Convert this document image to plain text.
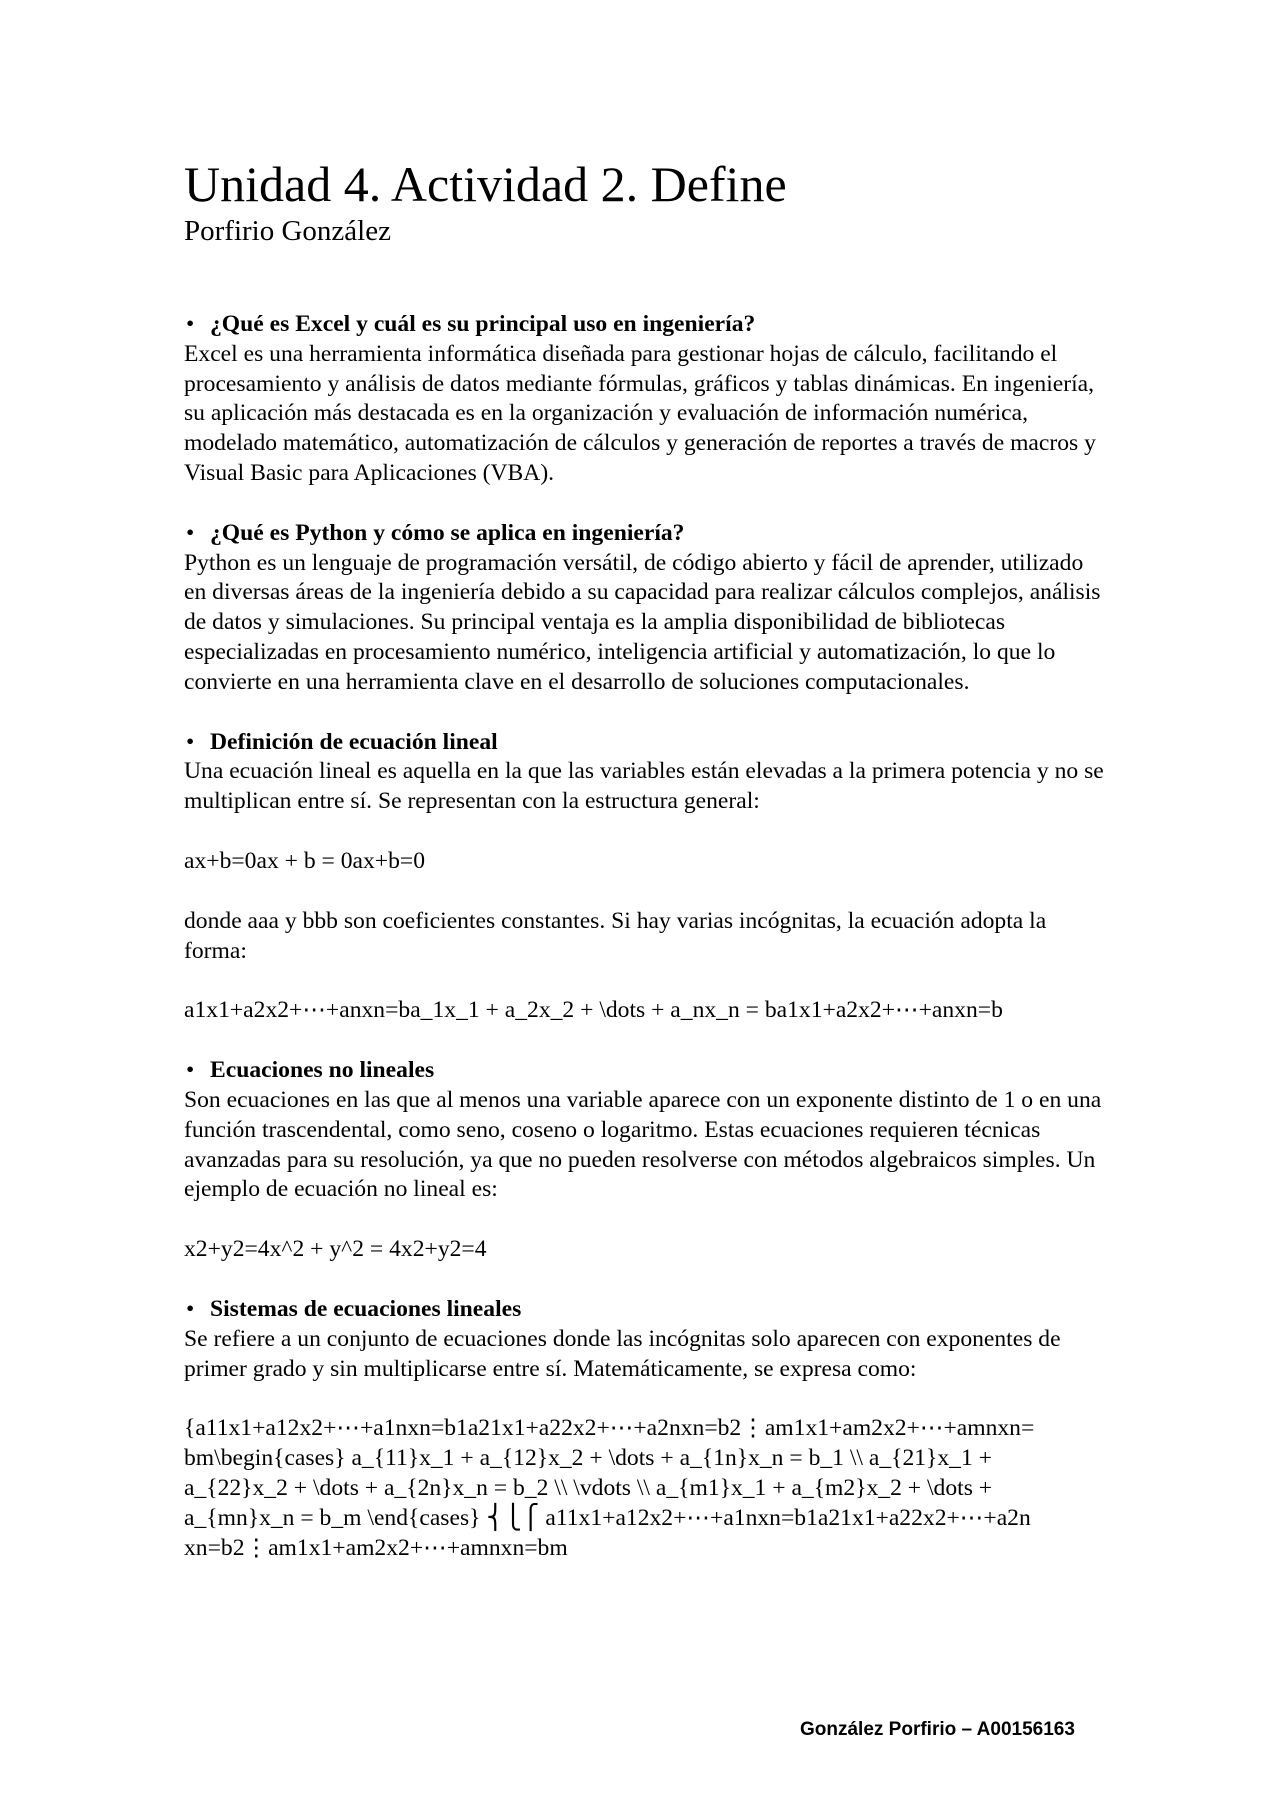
Unidad 4. Actividad 2. Define
Porfirio González

• ¿Qué es Excel y cuál es su principal uso en ingeniería?

Excel es una herramienta informática diseñada para gestionar hojas de cálculo, facilitando el procesamiento y análisis de datos mediante fórmulas, gráficos y tablas dinámicas. En ingeniería, su aplicación más destacada es en la organización y evaluación de información numérica, modelado matemático, automatización de cálculos y generación de reportes a través de macros y Visual Basic para Aplicaciones (VBA).

• ¿Qué es Python y cómo se aplica en ingeniería?

Python es un lenguaje de programación versátil, de código abierto y fácil de aprender, utilizado en diversas áreas de la ingeniería debido a su capacidad para realizar cálculos complejos, análisis de datos y simulaciones. Su principal ventaja es la amplia disponibilidad de bibliotecas especializadas en procesamiento numérico, inteligencia artificial y automatización, lo que lo convierte en una herramienta clave en el desarrollo de soluciones computacionales.

• Definición de ecuación lineal

Una ecuación lineal es aquella en la que las variables están elevadas a la primera potencia y no se multiplican entre sí. Se representan con la estructura general:

ax+b=0ax + b = 0ax+b=0

donde aaa y bbb son coeficientes constantes. Si hay varias incógnitas, la ecuación adopta la forma:

a1x1+a2x2+⋯+anxn=ba_1x_1 + a_2x_2 + \dots + a_nx_n = ba1x1+a2x2+⋯+anxn=b

• Ecuaciones no lineales

Son ecuaciones en las que al menos una variable aparece con un exponente distinto de 1 o en una función trascendental, como seno, coseno o logaritmo. Estas ecuaciones requieren técnicas avanzadas para su resolución, ya que no pueden resolverse con métodos algebraicos simples. Un ejemplo de ecuación no lineal es:

x2+y2=4x^2 + y^2 = 4x2+y2=4

• Sistemas de ecuaciones lineales

Se refiere a un conjunto de ecuaciones donde las incógnitas solo aparecen con exponentes de primer grado y sin multiplicarse entre sí. Matemáticamente, se expresa como:

{a11x1+a12x2+⋯+a1nxn=b1a21x1+a22x2+⋯+a2nxn=b2⋮am1x1+am2x2+⋯+amnxn=

bm\begin{cases} a_{11}x_1 + a_{12}x_2 + \dots + a_{1n}x_n = b_1 \\ a_{21}x_1 +

a_{22}x_2 + \dots + a_{2n}x_n = b_2 \\ \vdots \\ a_{m1}x_1 + a_{m2}x_2 + \dots +

a_{mn}x_n = b_m \end{cases} ⎨⎩⎧ a11x1+a12x2+⋯+a1nxn=b1a21x1+a22x2+⋯+a2n

xn=b2⋮am1x1+am2x2+⋯+amnxn=bm

González Porfirio – A00156163
